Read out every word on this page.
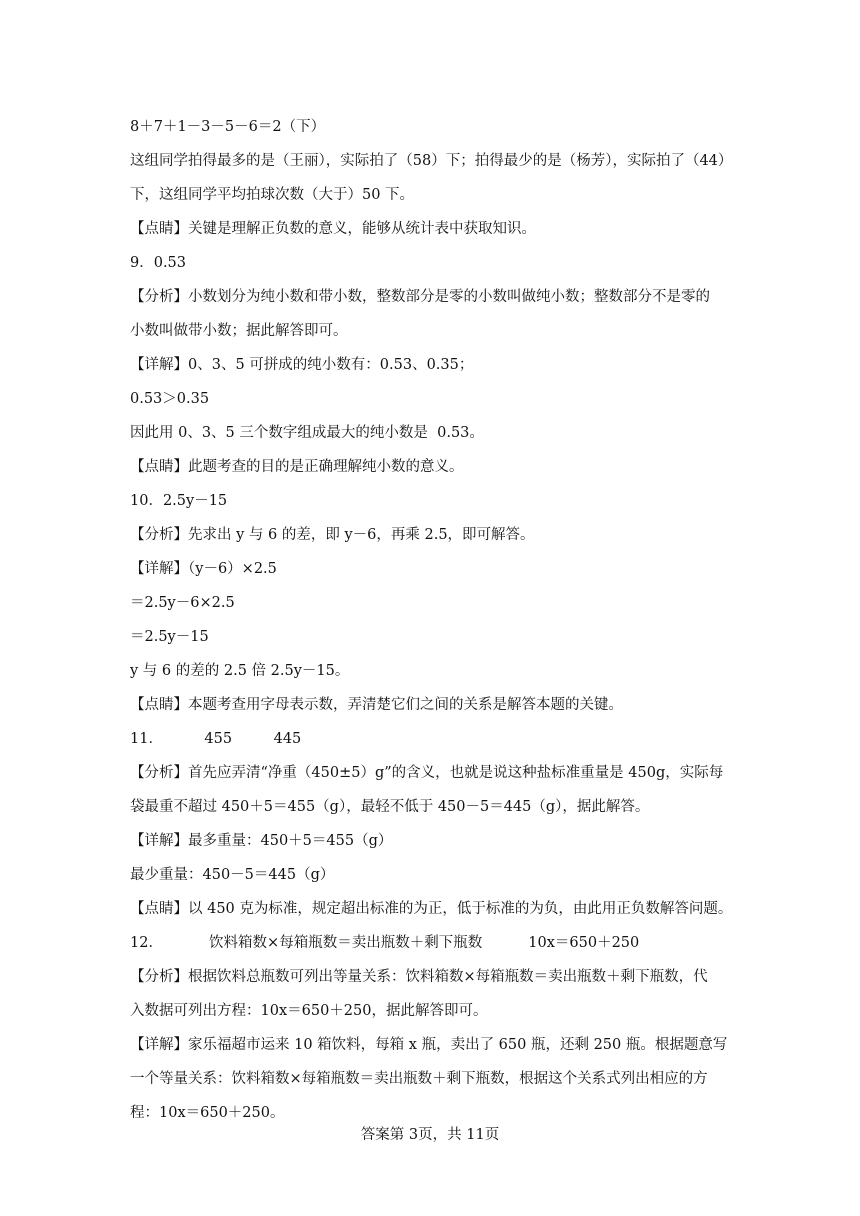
8＋7＋1－3－5－6＝2（下）
这组同学拍得最多的是（王丽），实际拍了（58）下；拍得最少的是（杨芳），实际拍了（44）
下，这组同学平均拍球次数（大于）50 下。
【点睛】关键是理解正负数的意义，能够从统计表中获取知识。
9．0.53
【分析】小数划分为纯小数和带小数，整数部分是零的小数叫做纯小数；整数部分不是零的
小数叫做带小数；据此解答即可。
【详解】0、3、5 可拼成的纯小数有：0.53、0.35；
0.53＞0.35
因此用 0、3、5 三个数字组成最大的纯小数是  0.53。
【点睛】此题考查的目的是正确理解纯小数的意义。
10．2.5y－15
【分析】先求出 y 与 6 的差，即 y－6，再乘 2.5，即可解答。
【详解】（y－6）×2.5
＝2.5y－6×2.5
＝2.5y－15
y 与 6 的差的 2.5 倍 2.5y－15。
【点睛】本题考查用字母表示数，弄清楚它们之间的关系是解答本题的关键。
11．         455         445
【分析】首先应弄清“净重（450±5）g”的含义，也就是说这种盐标准重量是 450g，实际每
袋最重不超过 450＋5＝455（g），最轻不低于 450－5＝445（g），据此解答。
【详解】最多重量：450＋5＝455（g）
最少重量：450－5＝445（g）
【点睛】以 450 克为标准，规定超出标准的为正，低于标准的为负，由此用正负数解答问题。
12．          饮料箱数×每箱瓶数＝卖出瓶数＋剩下瓶数          10x＝650＋250
【分析】根据饮料总瓶数可列出等量关系：饮料箱数×每箱瓶数＝卖出瓶数＋剩下瓶数，代
入数据可列出方程：10x＝650＋250，据此解答即可。
【详解】家乐福超市运来 10 箱饮料，每箱 x 瓶，卖出了 650 瓶，还剩 250 瓶。根据题意写
一个等量关系：饮料箱数×每箱瓶数＝卖出瓶数＋剩下瓶数，根据这个关系式列出相应的方
程：10x＝650＋250。
答案第 3页，共 11页
